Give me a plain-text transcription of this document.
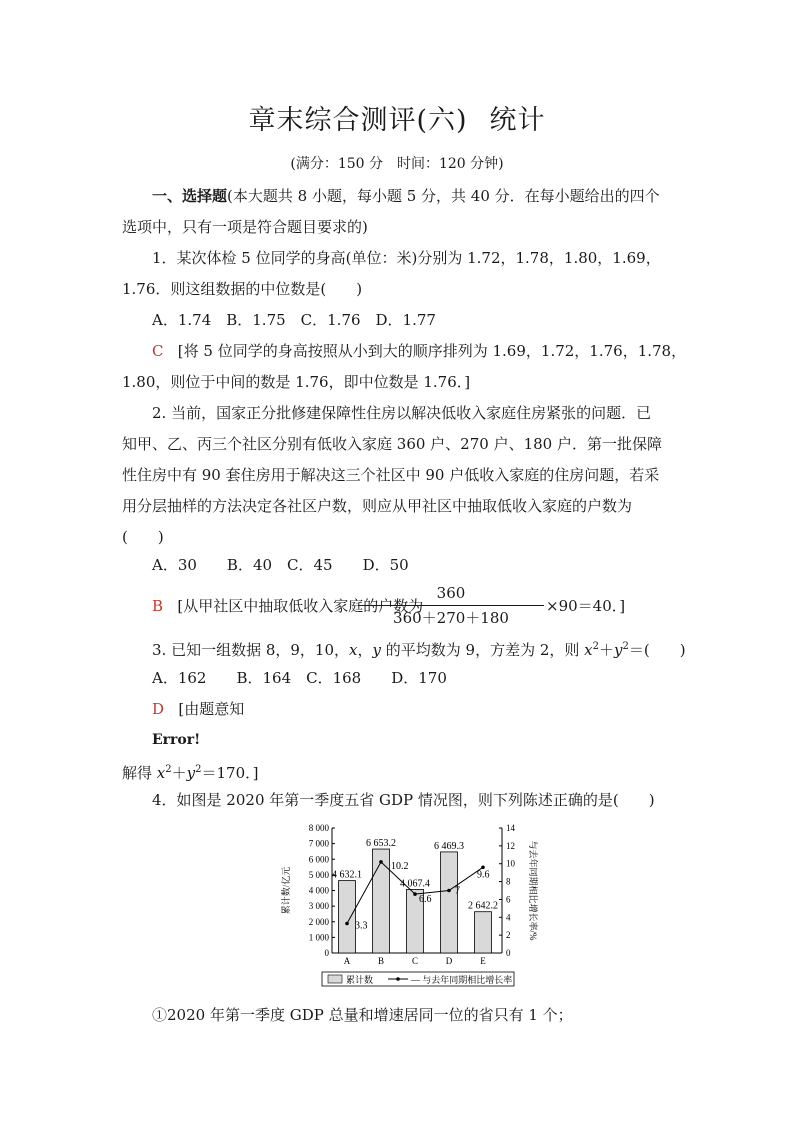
章末综合测评(六) 统计
(满分：150 分　时间：120 分钟)
一、选择题(本大题共 8 小题，每小题 5 分，共 40 分．在每小题给出的四个
选项中，只有一项是符合题目要求的)
1．某次体检 5 位同学的身高(单位：米)分别为 1.72，1.78，1.80，1.69，
1.76．则这组数据的中位数是(　　)
A．1.74　B．1.75　C．1.76　D．1.77
C [将 5 位同学的身高按照从小到大的顺序排列为 1.69，1.72，1.76，1.78，
1.80，则位于中间的数是 1.76，即中位数是 1.76．]
2. 当前，国家正分批修建保障性住房以解决低收入家庭住房紧张的问题．已
知甲、乙、丙三个社区分别有低收入家庭 360 户、270 户、180 户．第一批保障
性住房中有 90 套住房用于解决这三个社区中 90 户低收入家庭的住房问题，若采
用分层抽样的方法决定各社区户数，则应从甲社区中抽取低收入家庭的户数为
(　　)
A．30　　B．40　C．45　　D．50
B [从甲社区中抽取低收入家庭的户数为
360
360＋270＋180
×90＝40．]
3. 已知一组数据 8，9，10，x，y 的平均数为 9，方差为 2，则 $x^2+y^2=$(　　)
A．162　　B．164　C．168　　D．170
D [由题意知
Error!
解得 $x^2+y^2=170$．]
4．如图是 2020 年第一季度五省 GDP 情况图，则下列陈述正确的是(　　)
0
1 000
2 000
3 000
4 000
5 000
6 000
7 000
8 000
0
2
4
6
8
10
12
14
累计数/亿元	与去年同期相比增长率/%
4 632.1
A
6 653.2
B
4 067.4
C
6 469.3
D
2 642.2
E
3.3
10.2
6.6
7
9.6
累计数	— 与去年同期相比增长率
①2020 年第一季度 GDP 总量和增速居同一位的省只有 1 个；
